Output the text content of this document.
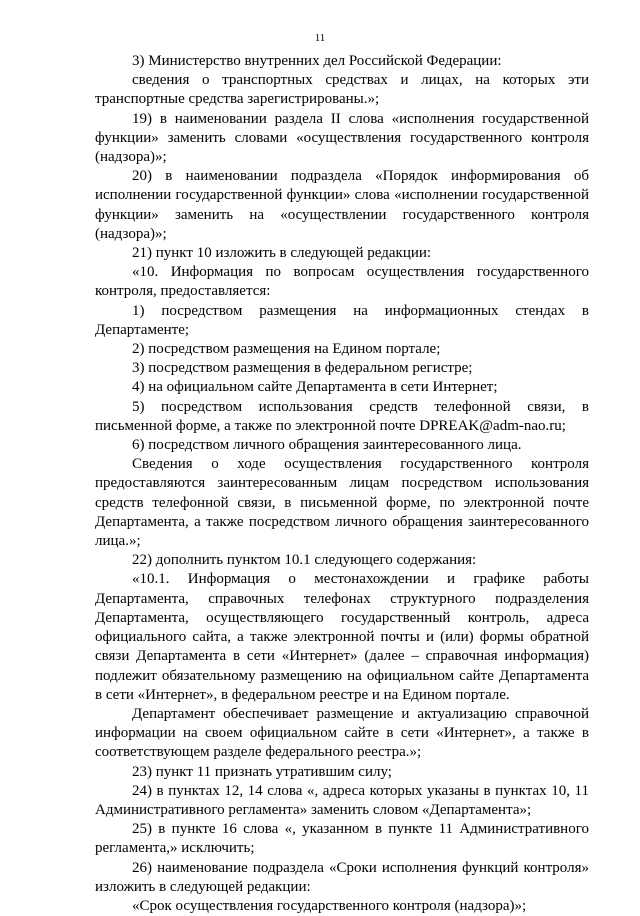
11

3) Министерство внутренних дел Российской Федерации:

сведения о транспортных средствах и лицах, на которых эти транспортные средства зарегистрированы.»;

19) в наименовании раздела II слова «исполнения государственной функции» заменить словами «осуществления государственного контроля (надзора)»;

20) в наименовании подраздела «Порядок информирования об исполнении государственной функции» слова «исполнении государственной функции» заменить на «осуществлении государственного контроля (надзора)»;

21) пункт 10 изложить в следующей редакции:

«10. Информация по вопросам осуществления государственного контроля, предоставляется:

1) посредством размещения на информационных стендах в Департаменте;

2) посредством размещения на Едином портале;

3) посредством размещения в федеральном регистре;

4) на официальном сайте Департамента в сети Интернет;

5) посредством использования средств телефонной связи, в письменной форме, а также по электронной почте DPREAK@adm-nao.ru;

6) посредством личного обращения заинтересованного лица.

Сведения о ходе осуществления государственного контроля предоставляются заинтересованным лицам посредством использования средств телефонной связи, в письменной форме, по электронной почте Департамента, а также посредством личного обращения заинтересованного лица.»;

22) дополнить пунктом 10.1 следующего содержания:

«10.1. Информация о местонахождении и графике работы Департамента, справочных телефонах структурного подразделения Департамента, осуществляющего государственный контроль, адреса официального сайта, а также электронной почты и (или) формы обратной связи Департамента в сети «Интернет» (далее – справочная информация) подлежит обязательному размещению на официальном сайте Департамента в сети «Интернет», в федеральном реестре и на Едином портале.

Департамент обеспечивает размещение и актуализацию справочной информации на своем официальном сайте в сети «Интернет», а также в соответствующем разделе федерального реестра.»;

23) пункт 11 признать утратившим силу;

24) в пунктах 12, 14 слова «, адреса которых указаны в пунктах 10, 11 Административного регламента» заменить словом «Департамента»;

25) в пункте 16 слова «, указанном в пункте 11 Административного регламента,» исключить;

26) наименование подраздела «Сроки исполнения функций контроля» изложить в следующей редакции:

«Срок осуществления государственного контроля (надзора)»;
